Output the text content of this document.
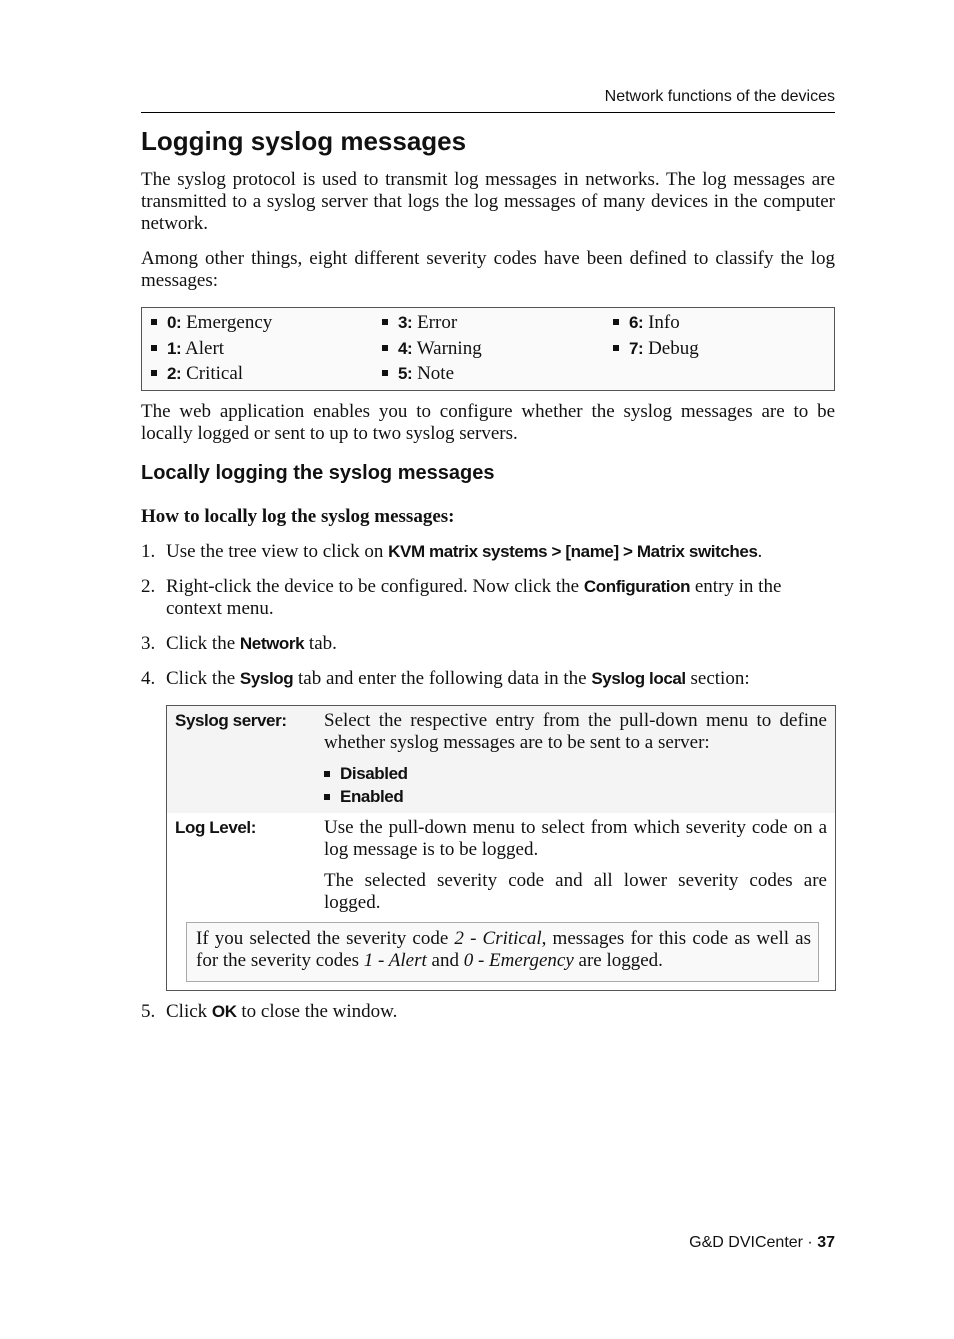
Network functions of the devices
Logging syslog messages

The syslog protocol is used to transmit log messages in networks. The log messages are transmitted to a syslog server that logs the log messages of many devices in the computer network.

Among other things, eight different severity codes have been defined to classify the log messages:

0: Emergency
1: Alert
2: Critical
3: Error
4: Warning
5: Note
6: Info
7: Debug

The web application enables you to configure whether the syslog messages are to be locally logged or sent to up to two syslog servers.

Locally logging the syslog messages

How to locally log the syslog messages:

1. Use the tree view to click on KVM matrix systems > [name] > Matrix switches.
2. Right-click the device to be configured. Now click the Configuration entry in the context menu.
3. Click the Network tab.
4. Click the Syslog tab and enter the following data in the Syslog local section:
Syslog server: Select the respective entry from the pull-down menu to define whether syslog messages are to be sent to a server:
Disabled
Enabled
Log Level:	Use the pull-down menu to select from which severity code on a log message is to be logged.
The selected severity code and all lower severity codes are logged.
If you selected the severity code 2 - Critical, messages for this code as well as for the severity codes 1 - Alert and 0 - Emergency are logged.
5. Click OK to close the window.
G&D DVICenter · 37
